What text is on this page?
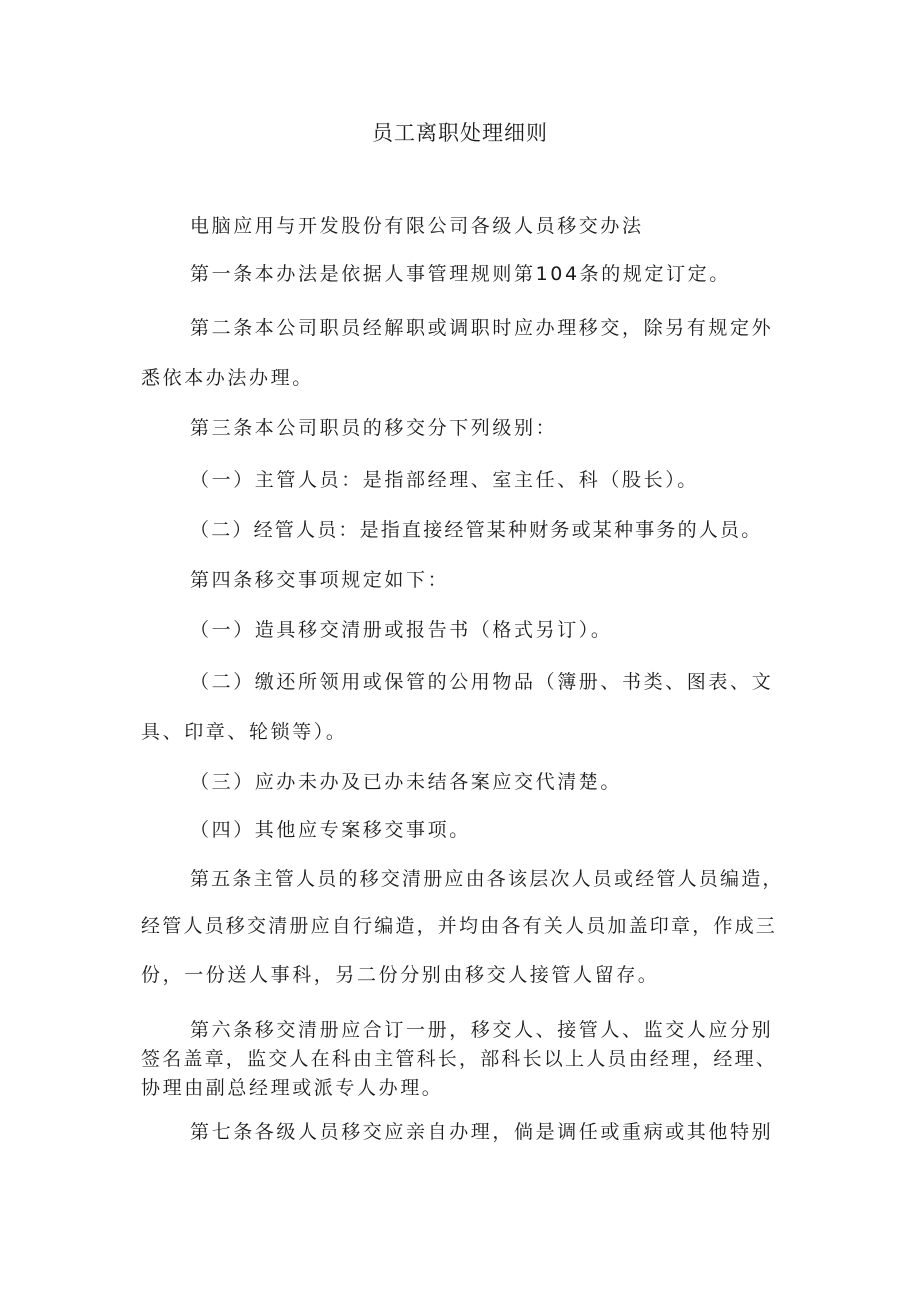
员工离职处理细则
电脑应用与开发股份有限公司各级人员移交办法
第一条本办法是依据人事管理规则第104条的规定订定。
第二条本公司职员经解职或调职时应办理移交，除另有规定外
悉依本办法办理。
第三条本公司职员的移交分下列级别：
（一）主管人员：是指部经理、室主任、科（股长）。
（二）经管人员：是指直接经管某种财务或某种事务的人员。
第四条移交事项规定如下：
（一）造具移交清册或报告书（格式另订）。
（二）缴还所领用或保管的公用物品（簿册、书类、图表、文
具、印章、轮锁等）。
（三）应办未办及已办未结各案应交代清楚。
（四）其他应专案移交事项。
第五条主管人员的移交清册应由各该层次人员或经管人员编造，
经管人员移交清册应自行编造，并均由各有关人员加盖印章，作成三
份，一份送人事科，另二份分别由移交人接管人留存。
第六条移交清册应合订一册，移交人、接管人、监交人应分别
签名盖章，监交人在科由主管科长，部科长以上人员由经理，经理、
协理由副总经理或派专人办理。
第七条各级人员移交应亲自办理，倘是调任或重病或其他特别
